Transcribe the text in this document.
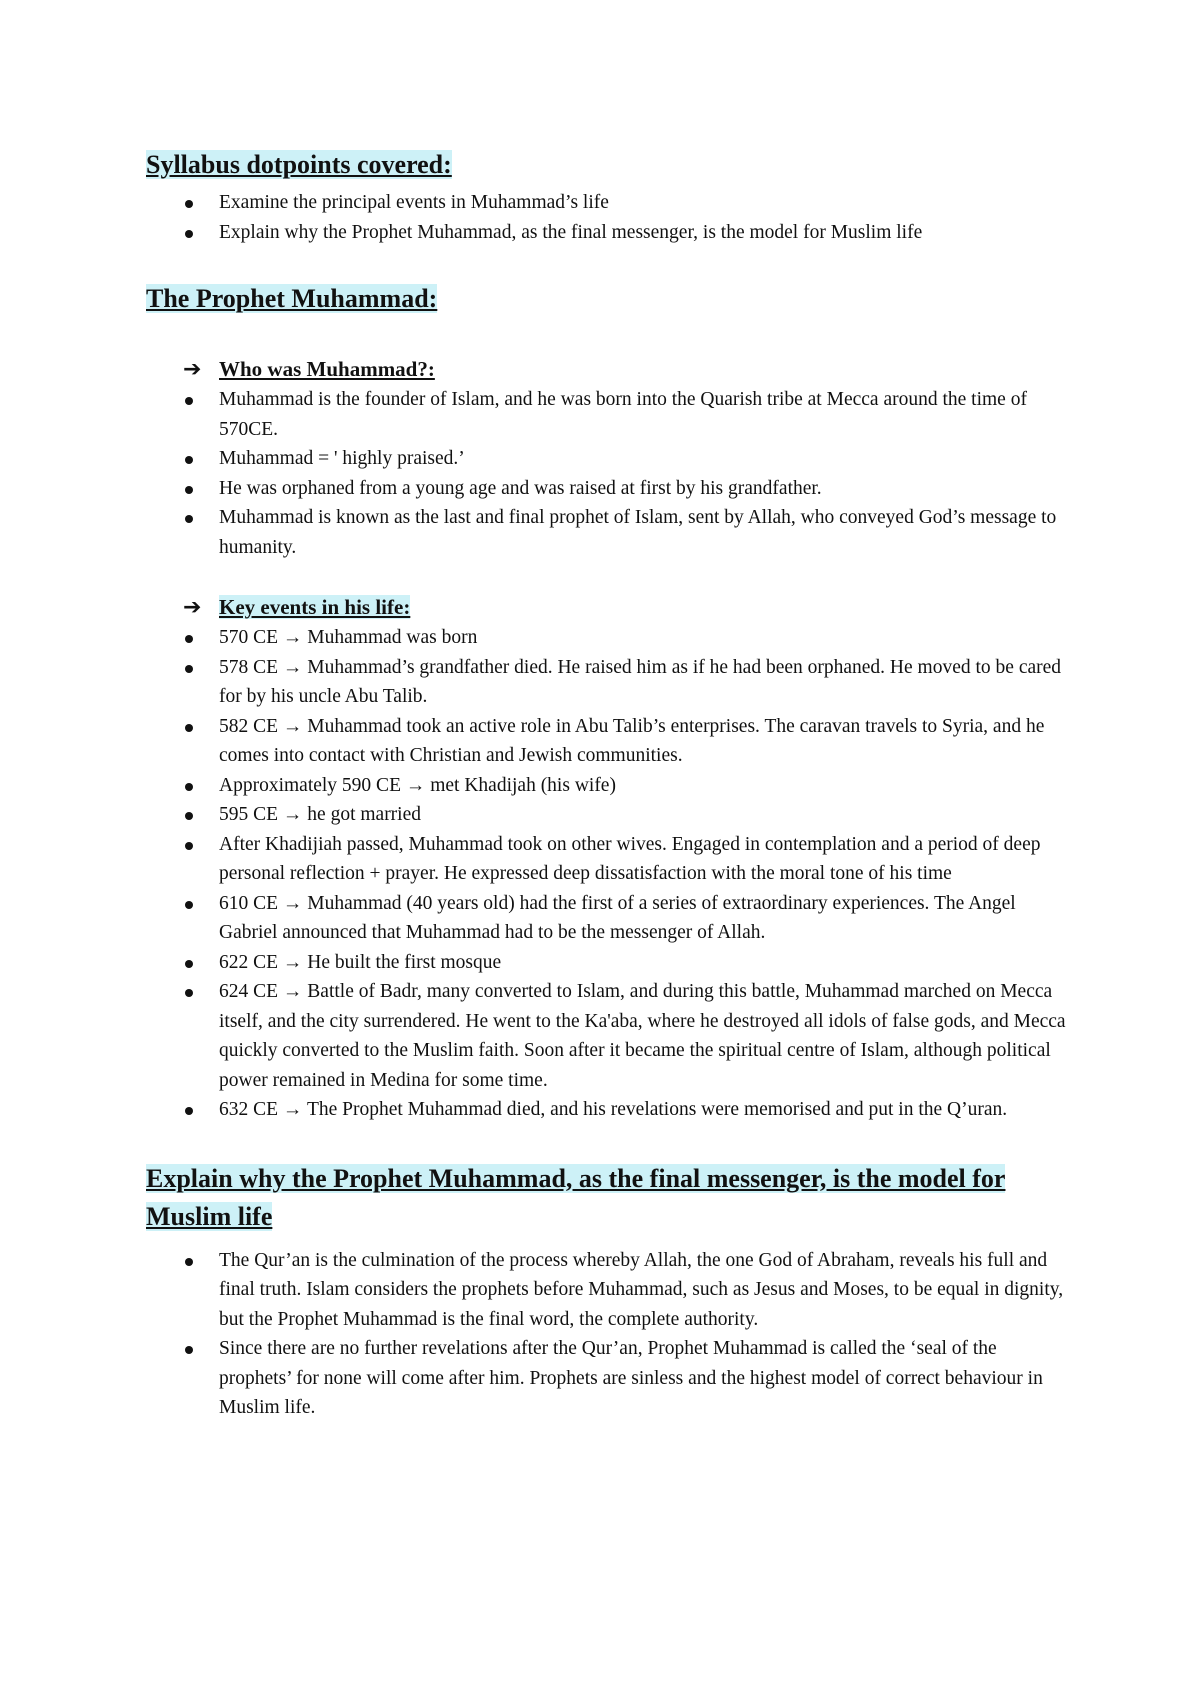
Syllabus dotpoints covered:
Examine the principal events in Muhammad’s life
Explain why the Prophet Muhammad, as the final messenger, is the model for Muslim life
The Prophet Muhammad:
➔ Who was Muhammad?:
Muhammad is the founder of Islam, and he was born into the Quarish tribe at Mecca around the time of 570CE.
Muhammad = ' highly praised.’
He was orphaned from a young age and was raised at first by his grandfather.
Muhammad is known as the last and final prophet of Islam, sent by Allah, who conveyed God’s message to humanity.
➔ Key events in his life:
570 CE → Muhammad was born
578 CE → Muhammad’s grandfather died. He raised him as if he had been orphaned. He moved to be cared for by his uncle Abu Talib.
582 CE → Muhammad took an active role in Abu Talib’s enterprises. The caravan travels to Syria, and he comes into contact with Christian and Jewish communities.
Approximately 590 CE → met Khadijah (his wife)
595 CE → he got married
After Khadijiah passed, Muhammad took on other wives. Engaged in contemplation and a period of deep personal reflection + prayer. He expressed deep dissatisfaction with the moral tone of his time
610 CE → Muhammad (40 years old) had the first of a series of extraordinary experiences. The Angel Gabriel announced that Muhammad had to be the messenger of Allah.
622 CE → He built the first mosque
624 CE → Battle of Badr, many converted to Islam, and during this battle, Muhammad marched on Mecca itself, and the city surrendered. He went to the Ka'aba, where he destroyed all idols of false gods, and Mecca quickly converted to the Muslim faith. Soon after it became the spiritual centre of Islam, although political power remained in Medina for some time.
632 CE → The Prophet Muhammad died, and his revelations were memorised and put in the Q’uran.
Explain why the Prophet Muhammad, as the final messenger, is the model for Muslim life
The Qur’an is the culmination of the process whereby Allah, the one God of Abraham, reveals his full and final truth. Islam considers the prophets before Muhammad, such as Jesus and Moses, to be equal in dignity, but the Prophet Muhammad is the final word, the complete authority.
Since there are no further revelations after the Qur’an, Prophet Muhammad is called the ‘seal of the prophets’ for none will come after him. Prophets are sinless and the highest model of correct behaviour in Muslim life.
